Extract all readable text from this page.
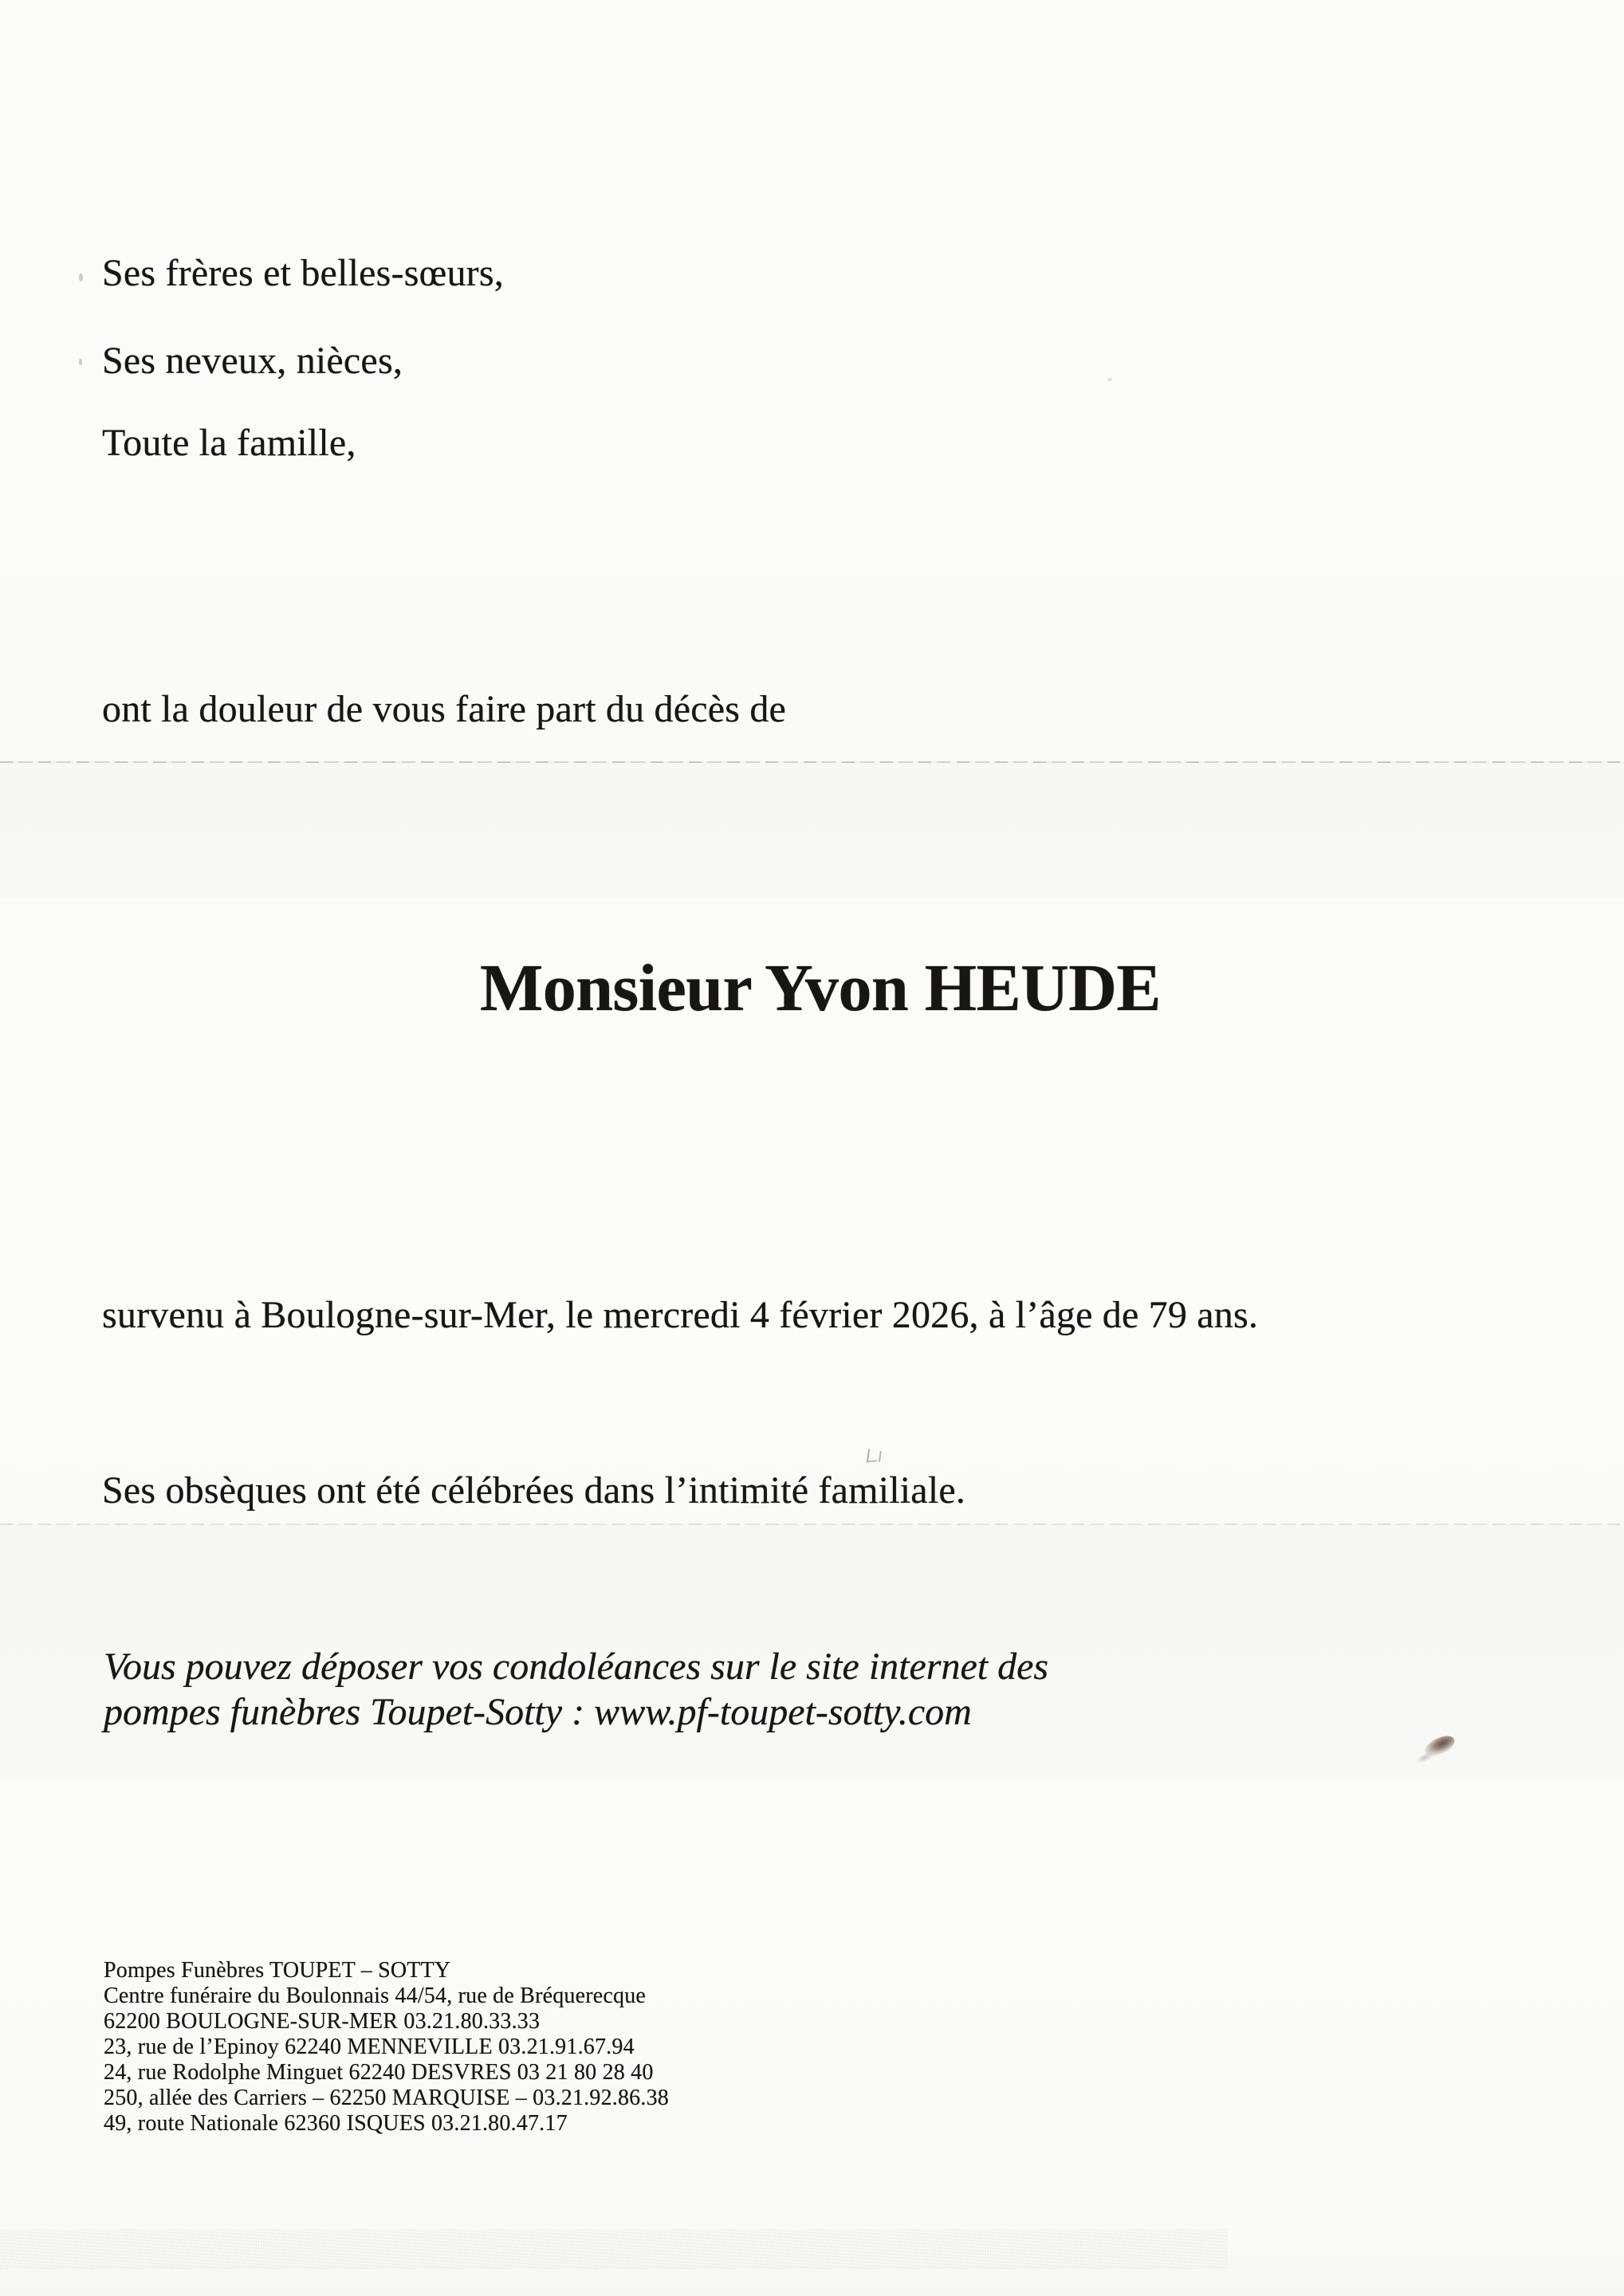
Ses frères et belles-sœurs,

Ses neveux, nièces,

Toute la famille,

ont la douleur de vous faire part du décès de

Monsieur Yvon HEUDE

survenu à Boulogne-sur-Mer, le mercredi 4 février 2026, à l’âge de 79 ans.

Ses obsèques ont été célébrées dans l’intimité familiale.

Vous pouvez déposer vos condoléances sur le site internet des
pompes funèbres Toupet-Sotty : www.pf-toupet-sotty.com
Pompes Funèbres TOUPET – SOTTY
Centre funéraire du Boulonnais 44/54, rue de Bréquerecque
62200 BOULOGNE-SUR-MER 03.21.80.33.33
23, rue de l’Epinoy 62240 MENNEVILLE 03.21.91.67.94
24, rue Rodolphe Minguet 62240 DESVRES 03 21 80 28 40
250, allée des Carriers – 62250 MARQUISE – 03.21.92.86.38
49, route Nationale 62360 ISQUES 03.21.80.47.17
